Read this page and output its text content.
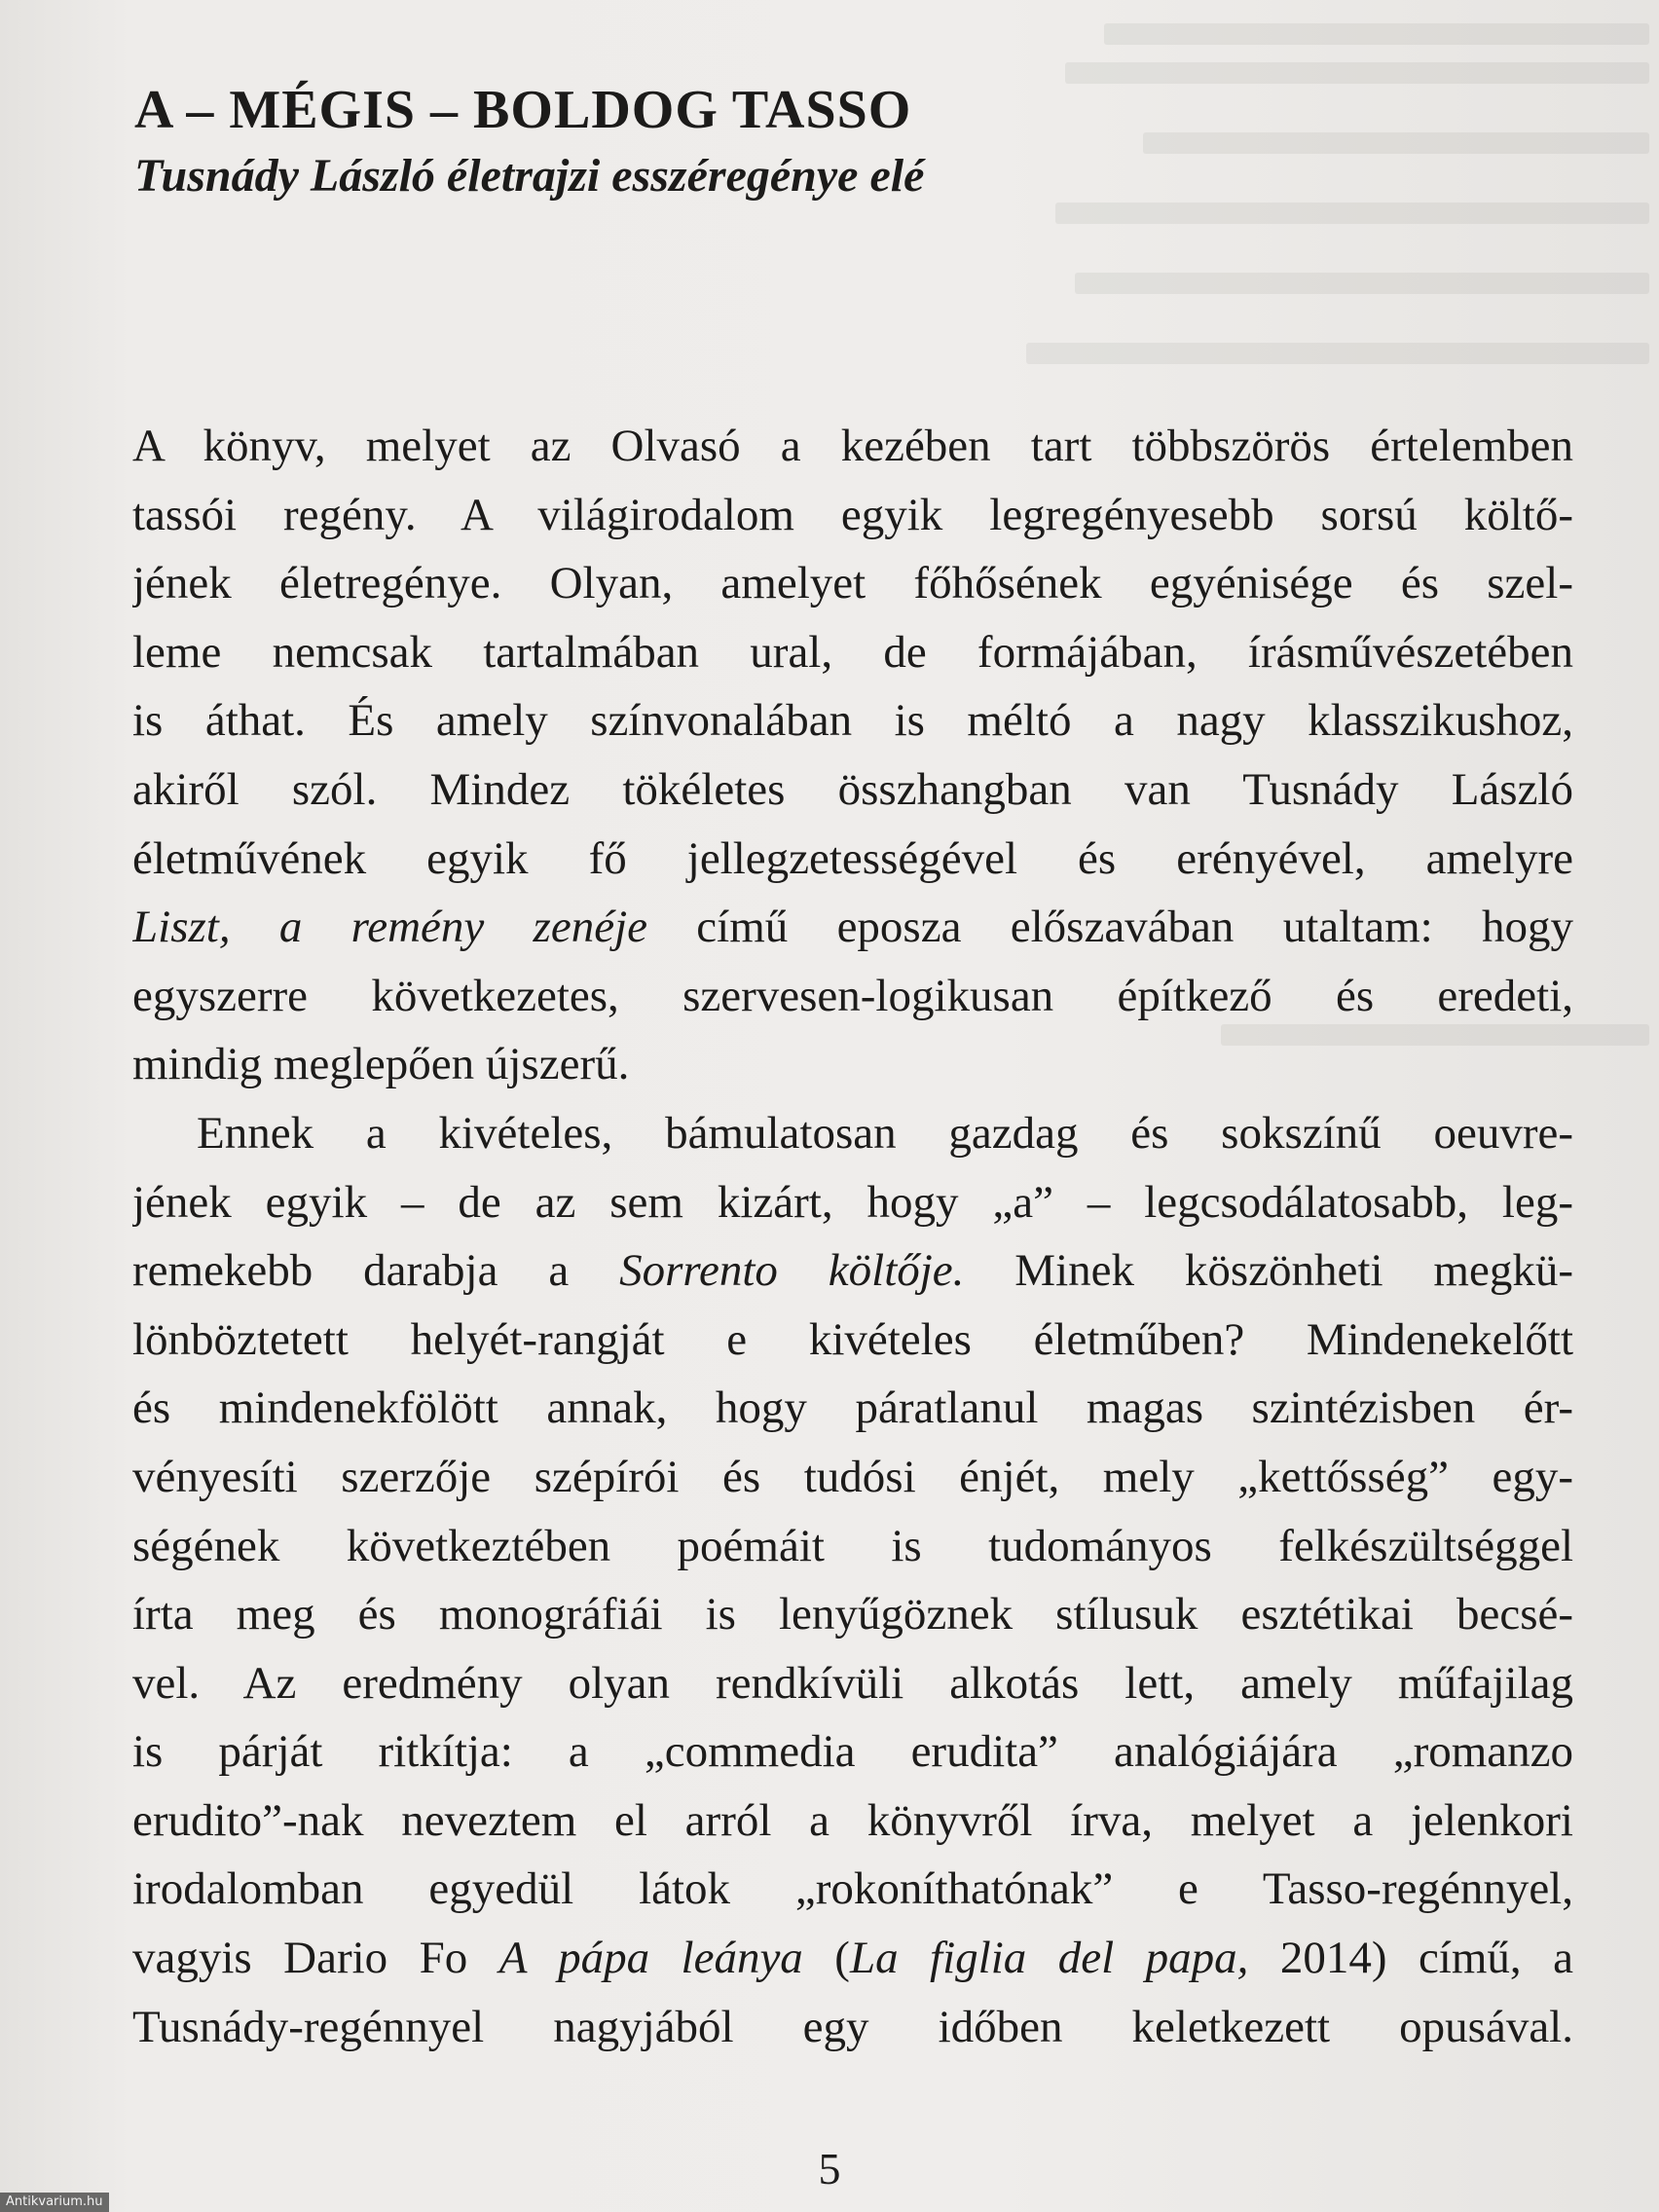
A – MÉGIS – BOLDOG TASSO
Tusnády László életrajzi esszéregénye elé
A könyv, melyet az Olvasó a kezében tart többszörös értelemben
tassói regény. A világirodalom egyik legregényesebb sorsú költő-
jének életregénye. Olyan, amelyet főhősének egyénisége és szel-
leme nemcsak tartalmában ural, de formájában, írásművészetében
is áthat. És amely színvonalában is méltó a nagy klasszikushoz,
akiről szól. Mindez tökéletes összhangban van Tusnády László
életművének egyik fő jellegzetességével és erényével, amelyre
Liszt, a remény zenéje című eposza előszavában utaltam: hogy
egyszerre következetes, szervesen-logikusan építkező és eredeti,
mindig meglepően újszerű.
Ennek a kivételes, bámulatosan gazdag és sokszínű oeuvre-
jének egyik – de az sem kizárt, hogy „a” – legcsodálatosabb, leg-
remekebb darabja a Sorrento költője. Minek köszönheti megkü-
lönböztetett helyét-rangját e kivételes életműben? Mindenekelőtt
és mindenekfölött annak, hogy páratlanul magas szintézisben ér-
vényesíti szerzője szépírói és tudósi énjét, mely „kettősség” egy-
ségének következtében poémáit is tudományos felkészültséggel
írta meg és monográfiái is lenyűgöznek stílusuk esztétikai becsé-
vel. Az eredmény olyan rendkívüli alkotás lett, amely műfajilag
is párját ritkítja: a „commedia erudita” analógiájára „romanzo
erudito”-nak neveztem el arról a könyvről írva, melyet a jelenkori
irodalomban egyedül látok „rokoníthatónak” e Tasso-regénnyel,
vagyis Dario Fo A pápa leánya (La figlia del papa, 2014) című, a
Tusnády-regénnyel nagyjából egy időben keletkezett opusával.
5
Antikvarium.hu
